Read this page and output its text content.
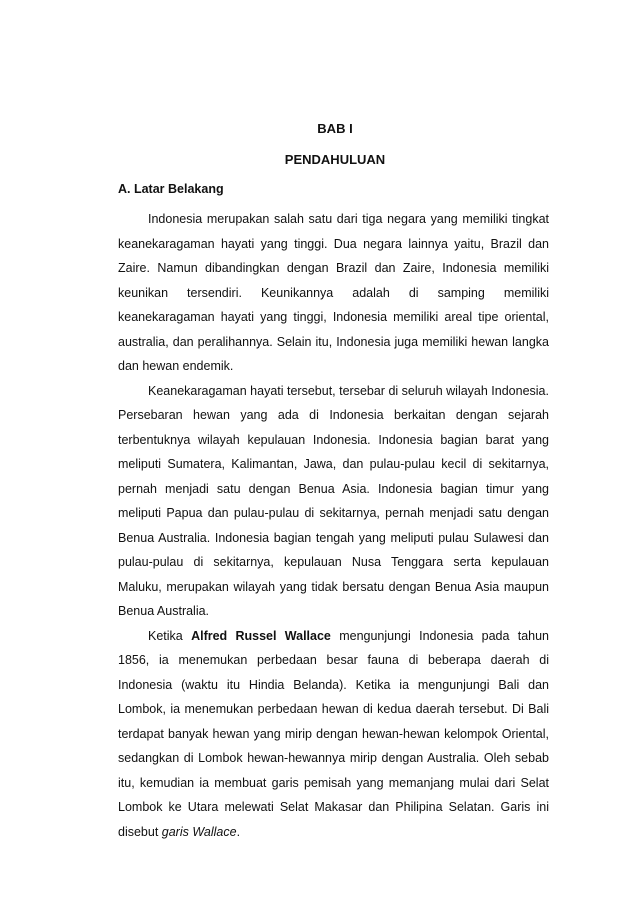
BAB I
PENDAHULUAN
A. Latar Belakang

Indonesia merupakan salah satu dari tiga negara yang memiliki tingkat keanekaragaman hayati yang tinggi. Dua negara lainnya yaitu, Brazil dan Zaire. Namun dibandingkan dengan Brazil dan Zaire, Indonesia memiliki keunikan tersendiri. Keunikannya adalah di samping memiliki keanekaragaman hayati yang tinggi, Indonesia memiliki areal tipe oriental, australia, dan peralihannya. Selain itu, Indonesia juga memiliki hewan langka dan hewan endemik.

Keanekaragaman hayati tersebut, tersebar di seluruh wilayah Indonesia. Persebaran hewan yang ada di Indonesia berkaitan dengan sejarah terbentuknya wilayah kepulauan Indonesia. Indonesia bagian barat yang meliputi Sumatera, Kalimantan, Jawa, dan pulau-pulau kecil di sekitarnya, pernah menjadi satu dengan Benua Asia. Indonesia bagian timur yang meliputi Papua dan pulau-pulau di sekitarnya, pernah menjadi satu dengan Benua Australia. Indonesia bagian tengah yang meliputi pulau Sulawesi dan pulau-pulau di sekitarnya, kepulauan Nusa Tenggara serta kepulauan Maluku, merupakan wilayah yang tidak bersatu dengan Benua Asia maupun Benua Australia.

Ketika Alfred Russel Wallace mengunjungi Indonesia pada tahun 1856, ia menemukan perbedaan besar fauna di beberapa daerah di Indonesia (waktu itu Hindia Belanda). Ketika ia mengunjungi Bali dan Lombok, ia menemukan perbedaan hewan di kedua daerah tersebut. Di Bali terdapat banyak hewan yang mirip dengan hewan-hewan kelompok Oriental, sedangkan di Lombok hewan-hewannya mirip dengan Australia. Oleh sebab itu, kemudian ia membuat garis pemisah yang memanjang mulai dari Selat Lombok ke Utara melewati Selat Makasar dan Philipina Selatan. Garis ini disebut garis Wallace.
